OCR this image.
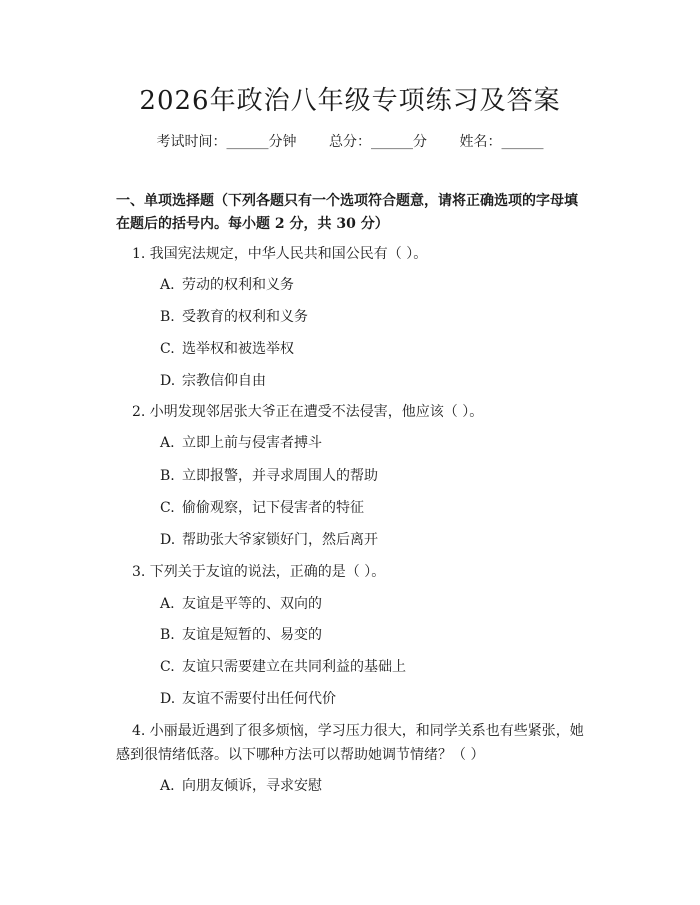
2026年政治八年级专项练习及答案
考试时间：______分钟 总分：______分 姓名：______
一、单项选择题（下列各题只有一个选项符合题意，请将正确选项的字母填在题后的括号内。每小题 2 分，共 30 分）
1. 我国宪法规定，中华人民共和国公民有（ ）。
A. 劳动的权利和义务
B. 受教育的权利和义务
C. 选举权和被选举权
D. 宗教信仰自由
2. 小明发现邻居张大爷正在遭受不法侵害，他应该（ ）。
A. 立即上前与侵害者搏斗
B. 立即报警，并寻求周围人的帮助
C. 偷偷观察，记下侵害者的特征
D. 帮助张大爷家锁好门，然后离开
3. 下列关于友谊的说法，正确的是（ ）。
A. 友谊是平等的、双向的
B. 友谊是短暂的、易变的
C. 友谊只需要建立在共同利益的基础上
D. 友谊不需要付出任何代价
4. 小丽最近遇到了很多烦恼，学习压力很大，和同学关系也有些紧张，她感到很情绪低落。以下哪种方法可以帮助她调节情绪？（ ）
A. 向朋友倾诉，寻求安慰
